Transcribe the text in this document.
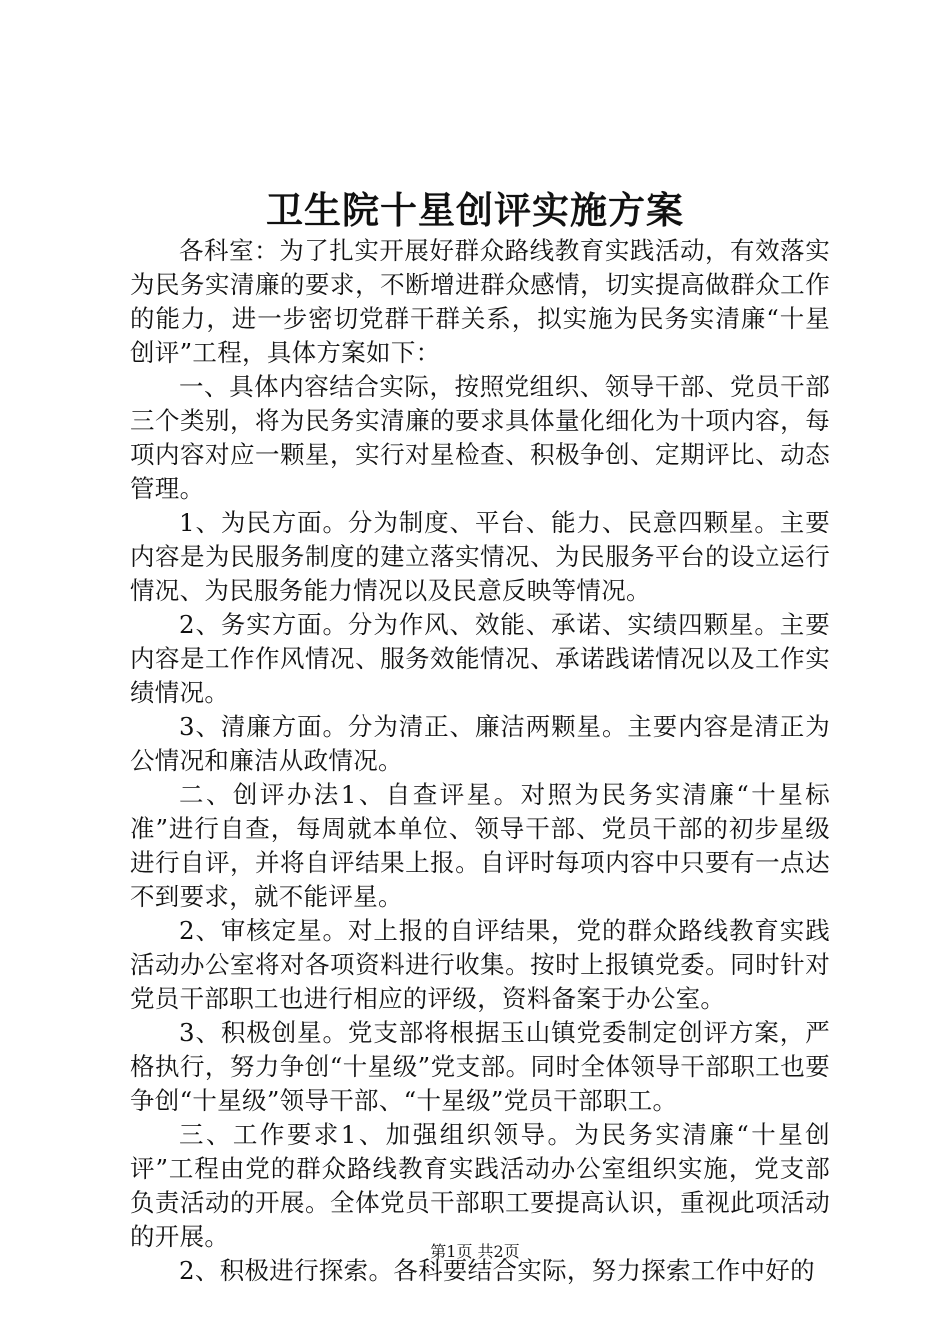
卫生院十星创评实施方案

各科室：为了扎实开展好群众路线教育实践活动，有效落实为民务实清廉的要求，不断增进群众感情，切实提高做群众工作的能力，进一步密切党群干群关系，拟实施为民务实清廉“十星创评”工程，具体方案如下：

一、具体内容结合实际，按照党组织、领导干部、党员干部三个类别，将为民务实清廉的要求具体量化细化为十项内容，每项内容对应一颗星，实行对星检查、积极争创、定期评比、动态管理。

1、为民方面。分为制度、平台、能力、民意四颗星。主要内容是为民服务制度的建立落实情况、为民服务平台的设立运行情况、为民服务能力情况以及民意反映等情况。

2、务实方面。分为作风、效能、承诺、实绩四颗星。主要内容是工作作风情况、服务效能情况、承诺践诺情况以及工作实绩情况。

3、清廉方面。分为清正、廉洁两颗星。主要内容是清正为公情况和廉洁从政情况。

二、创评办法1、自查评星。对照为民务实清廉“十星标准”进行自查，每周就本单位、领导干部、党员干部的初步星级进行自评，并将自评结果上报。自评时每项内容中只要有一点达不到要求，就不能评星。

2、审核定星。对上报的自评结果，党的群众路线教育实践活动办公室将对各项资料进行收集。按时上报镇党委。同时针对党员干部职工也进行相应的评级，资料备案于办公室。

3、积极创星。党支部将根据玉山镇党委制定创评方案，严格执行，努力争创“十星级”党支部。同时全体领导干部职工也要争创“十星级”领导干部、“十星级”党员干部职工。

三、工作要求1、加强组织领导。为民务实清廉“十星创评”工程由党的群众路线教育实践活动办公室组织实施，党支部负责活动的开展。全体党员干部职工要提高认识，重视此项活动的开展。

2、积极进行探索。各科要结合实际，努力探索工作中好的

第1页 共2页
